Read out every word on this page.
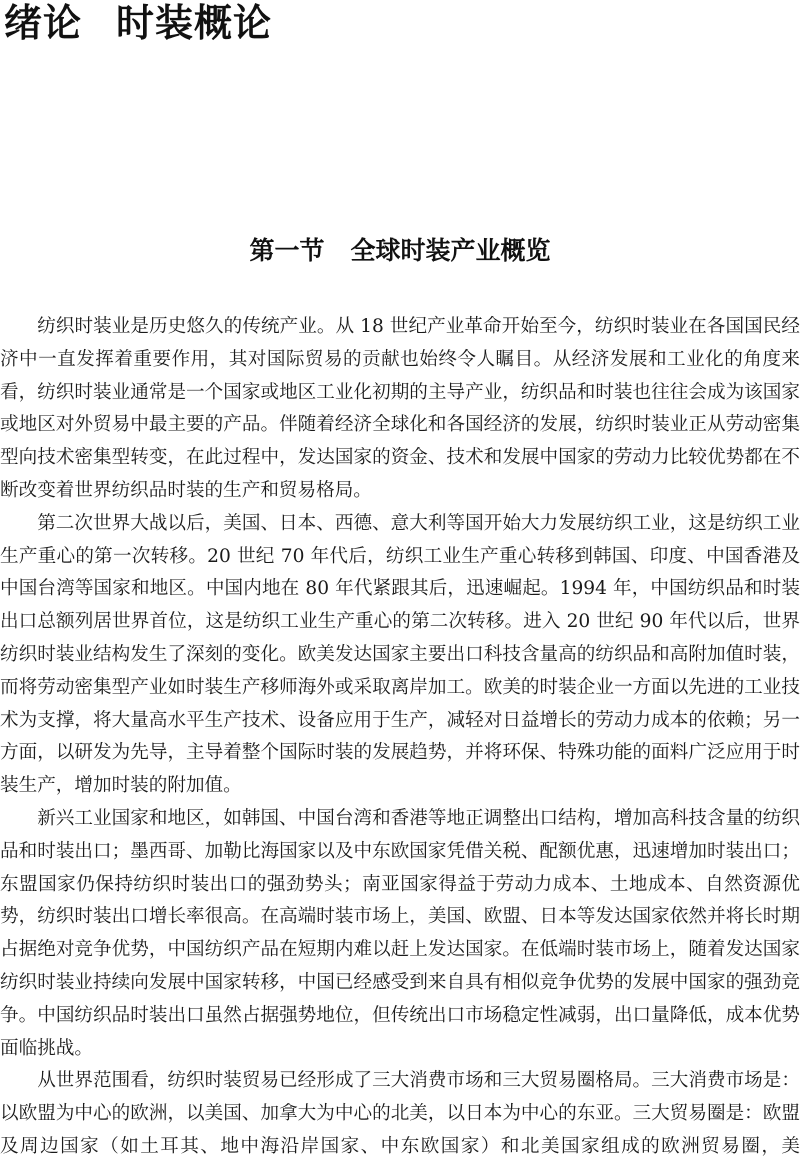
绪论 时装概论
第一节 全球时装产业概览

纺织时装业是历史悠久的传统产业。从 18 世纪产业革命开始至今，纺织时装业在各国国民经济中一直发挥着重要作用，其对国际贸易的贡献也始终令人瞩目。从经济发展和工业化的角度来看，纺织时装业通常是一个国家或地区工业化初期的主导产业，纺织品和时装也往往会成为该国家或地区对外贸易中最主要的产品。伴随着经济全球化和各国经济的发展，纺织时装业正从劳动密集型向技术密集型转变，在此过程中，发达国家的资金、技术和发展中国家的劳动力比较优势都在不断改变着世界纺织品时装的生产和贸易格局。

第二次世界大战以后，美国、日本、西德、意大利等国开始大力发展纺织工业，这是纺织工业生产重心的第一次转移。20 世纪 70 年代后，纺织工业生产重心转移到韩国、印度、中国香港及中国台湾等国家和地区。中国内地在 80 年代紧跟其后，迅速崛起。1994 年，中国纺织品和时装出口总额列居世界首位，这是纺织工业生产重心的第二次转移。进入 20 世纪 90 年代以后，世界纺织时装业结构发生了深刻的变化。欧美发达国家主要出口科技含量高的纺织品和高附加值时装，而将劳动密集型产业如时装生产移师海外或采取离岸加工。欧美的时装企业一方面以先进的工业技术为支撑，将大量高水平生产技术、设备应用于生产，减轻对日益增长的劳动力成本的依赖；另一方面，以研发为先导，主导着整个国际时装的发展趋势，并将环保、特殊功能的面料广泛应用于时装生产，增加时装的附加值。

新兴工业国家和地区，如韩国、中国台湾和香港等地正调整出口结构，增加高科技含量的纺织品和时装出口；墨西哥、加勒比海国家以及中东欧国家凭借关税、配额优惠，迅速增加时装出口；东盟国家仍保持纺织时装出口的强劲势头；南亚国家得益于劳动力成本、土地成本、自然资源优势，纺织时装出口增长率很高。在高端时装市场上，美国、欧盟、日本等发达国家依然并将长时期占据绝对竞争优势，中国纺织产品在短期内难以赶上发达国家。在低端时装市场上，随着发达国家纺织时装业持续向发展中国家转移，中国已经感受到来自具有相似竞争优势的发展中国家的强劲竞争。中国纺织品时装出口虽然占据强势地位，但传统出口市场稳定性减弱，出口量降低，成本优势面临挑战。

从世界范围看，纺织时装贸易已经形成了三大消费市场和三大贸易圈格局。三大消费市场是：以欧盟为中心的欧洲，以美国、加拿大为中心的北美，以日本为中心的东亚。三大贸易圈是：欧盟及周边国家（如土耳其、地中海沿岸国家、中东欧国家）和北美国家组成的欧洲贸易圈，美
